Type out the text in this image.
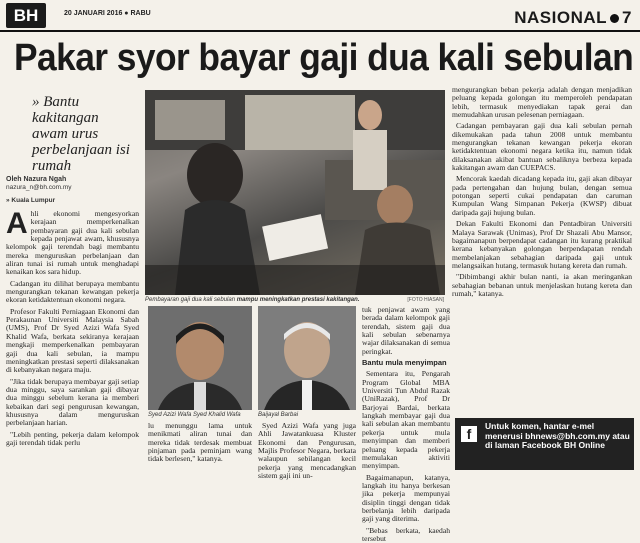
BH	20 JANUARI 2016 ● RABU	NASIONAL 7
Pakar syor bayar gaji dua kali sebulan
» Bantu kakitangan awam urus perbelanjaan isi rumah
Oleh Nazura Ngah
nazura_n@bh.com.my
» Kuala Lumpur

Ahli ekonomi mengesyorkan kerajaan memperkenalkan pembayaran gaji dua kali sebulan kepada penjawat awam, khususnya kelompok gaji terendah bagi membantu mereka menguruskan perbelanjaan dan aliran tunai isi rumah untuk menghadapi kenaikan kos sara hidup.

Cadangan itu dilihat berupaya membantu mengurangkan tekanan kewangan pekerja ekoran ketidaktentuan ekonomi negara.

Profesor Fakulti Perniagaan Ekonomi dan Perakaunan Universiti Malaysia Sabah (UMS), Prof Dr Syed Azizi Wafa Syed Khalid Wafa, berkata sekiranya kerajaan mengkaji memperkenalkan pembayaran gaji dua kali sebulan, ia mampu meningkatkan prestasi seperti dilaksanakan di kebanyakan negara maju.

"Jika tidak berupaya membayar gaji setiap dua minggu, saya sarankan gaji dibayar dua minggu sebelum kerana ia memberi kebaikan dari segi pengurusan kewangan, khususnya dalam menguruskan perbelanjaan harian.

"Lebih penting, pekerja dalam kelompok gaji terendah tidak perlu

Pembayaran gaji dua kali sebulan mampu meningkatkan prestasi kakitangan.	[FOTO HIASAN]
Syed Azizi Wafa Syed Khalid Wafa	Baijayal Barbai

lu menunggu lama untuk menikmati aliran tunai dan mereka tidak terdesak membuat pinjaman pada peminjam wang tidak berlesen," katanya.

Syed Azizi Wafa yang juga Ahli Jawatankuasa Kluster Ekonomi dan Pengurusan, Majlis Profesor Negara, berkata walaupun sebilangan kecil pekerja yang mencadangkan sistem gaji ini un-

tuk penjawat awam yang berada dalam kelompok gaji terendah, sistem gaji dua kali sebulan sebenarnya wajar dilaksanakan di semua peringkat.

Bantu mula menyimpan

Sementara itu, Pengarah Program Global MBA Universiti Tun Abdul Razak (UniRazak), Prof Dr Barjoyai Bardai, berkata langkah membayar gaji dua kali sebulan akan membantu pekerja untuk mula menyimpan dan memberi peluang kepada pekerja memulakan aktiviti menyimpan.

Bagaimanapun, katanya, langkah itu hanya berkesan jika pekerja mempunyai disiplin tinggi dengan tidak berbelanja lebih daripada gaji yang diterima.

"Bebas berkata, kaedah tersebut

mengurangkan beban pekerja adalah dengan menjadikan peluang kepada golongan itu memperoleh pendapatan lebih, termasuk menyediakan tapak gerai dan memudahkan urusan pelesenan perniagaan.

Cadangan pembayaran gaji dua kali sebulan pernah dikemukakan pada tahun 2008 untuk membantu mengurangkan tekanan kewangan pekerja ekoran ketidaktentuan ekonomi negara ketika itu, namun tidak dilaksanakan akibat bantuan sebaliknya berbeza kepada kakitangan awam dan CUEPACS.

Mencorak kaedah dicadang kepada itu, gaji akan dibayar pada pertengahan dan hujung bulan, dengan semua potongan seperti cukai pendapatan dan caruman Kumpulan Wang Simpanan Pekerja (KWSP) dibuat daripada gaji hujung bulan.

Dekan Fakulti Ekonomi dan Pentadbiran Universiti Malaya Sarawak (Unimas), Prof Dr Shazali Abu Mansor, bagaimanapun berpendapat cadangan itu kurang praktikal kerana kebanyakan golongan berpendapatan rendah membelanjakan sebahagian daripada gaji untuk melangsaikan hutang, termasuk hutang kereta dan rumah.

"Dibimbangi akhir bulan nanti, ia akan meringankan sebahagian bebanan untuk menjelaskan hutang kereta dan rumah," katanya.

f	Untuk komen, hantar e-mel menerusi bhnews@bh.com.my atau di laman Facebook BH Online
